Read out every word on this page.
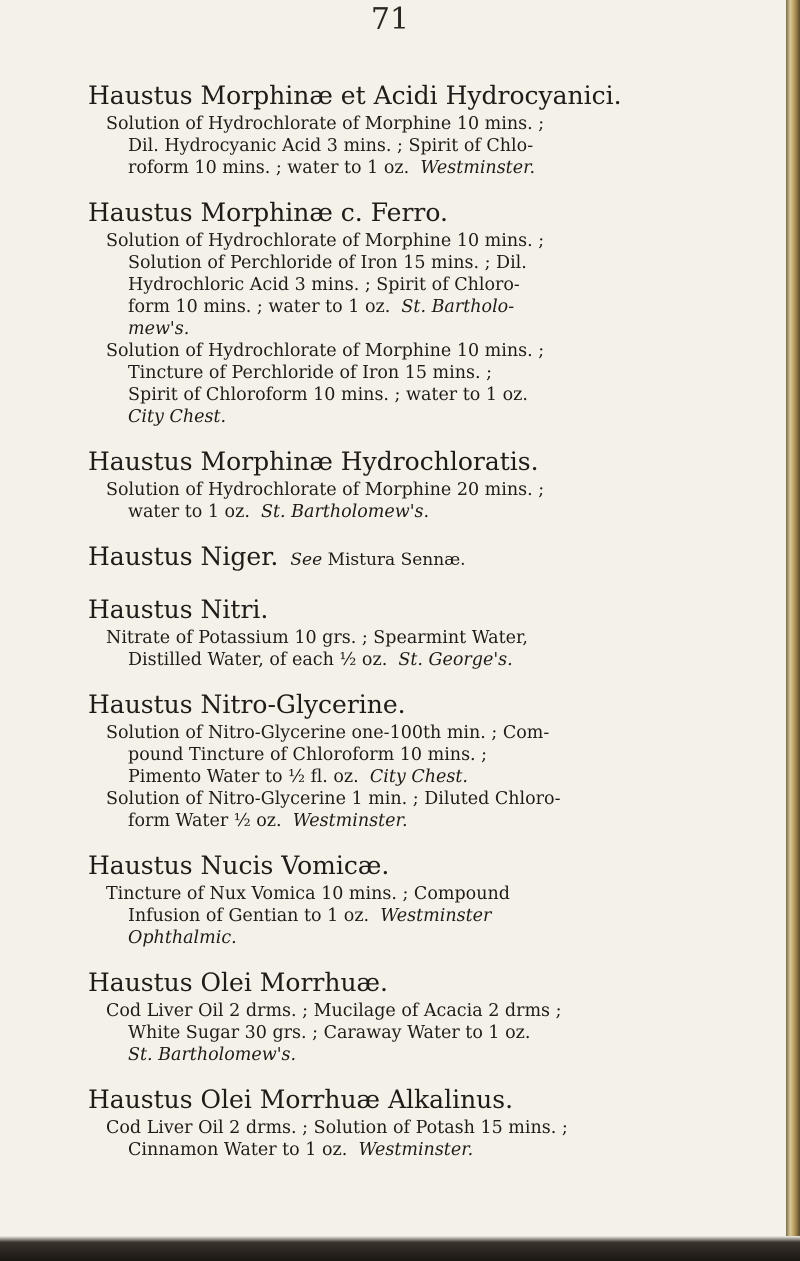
71
Haustus Morphinæ et Acidi Hydrocyanici.

Solution of Hydrochlorate of Morphine 10 mins. ;

Dil. Hydrocyanic Acid 3 mins. ; Spirit of Chlo-
roform 10 mins. ; water to 1 oz. Westminster.

Haustus Morphinæ c. Ferro.

Solution of Hydrochlorate of Morphine 10 mins. ;

Solution of Perchloride of Iron 15 mins. ; Dil.
Hydrochloric Acid 3 mins. ; Spirit of Chloro-
form 10 mins. ; water to 1 oz. St. Bartholo-
mew's.

Solution of Hydrochlorate of Morphine 10 mins. ;

Tincture of Perchloride of Iron 15 mins. ;
Spirit of Chloroform 10 mins. ; water to 1 oz.
City Chest.

Haustus Morphinæ Hydrochloratis.

Solution of Hydrochlorate of Morphine 20 mins. ;

water to 1 oz. St. Bartholomew's.

Haustus Niger. See Mistura Sennæ.
Haustus Nitri.

Nitrate of Potassium 10 grs. ; Spearmint Water,

Distilled Water, of each ½ oz. St. George's.

Haustus Nitro-Glycerine.

Solution of Nitro-Glycerine one-100th min. ; Com-

pound Tincture of Chloroform 10 mins. ;
Pimento Water to ½ fl. oz. City Chest.

Solution of Nitro-Glycerine 1 min. ; Diluted Chloro-

form Water ½ oz. Westminster.

Haustus Nucis Vomicæ.

Tincture of Nux Vomica 10 mins. ; Compound

Infusion of Gentian to 1 oz. Westminster
Ophthalmic.

Haustus Olei Morrhuæ.

Cod Liver Oil 2 drms. ; Mucilage of Acacia 2 drms ;

White Sugar 30 grs. ; Caraway Water to 1 oz.
St. Bartholomew's.

Haustus Olei Morrhuæ Alkalinus.

Cod Liver Oil 2 drms. ; Solution of Potash 15 mins. ;

Cinnamon Water to 1 oz. Westminster.
